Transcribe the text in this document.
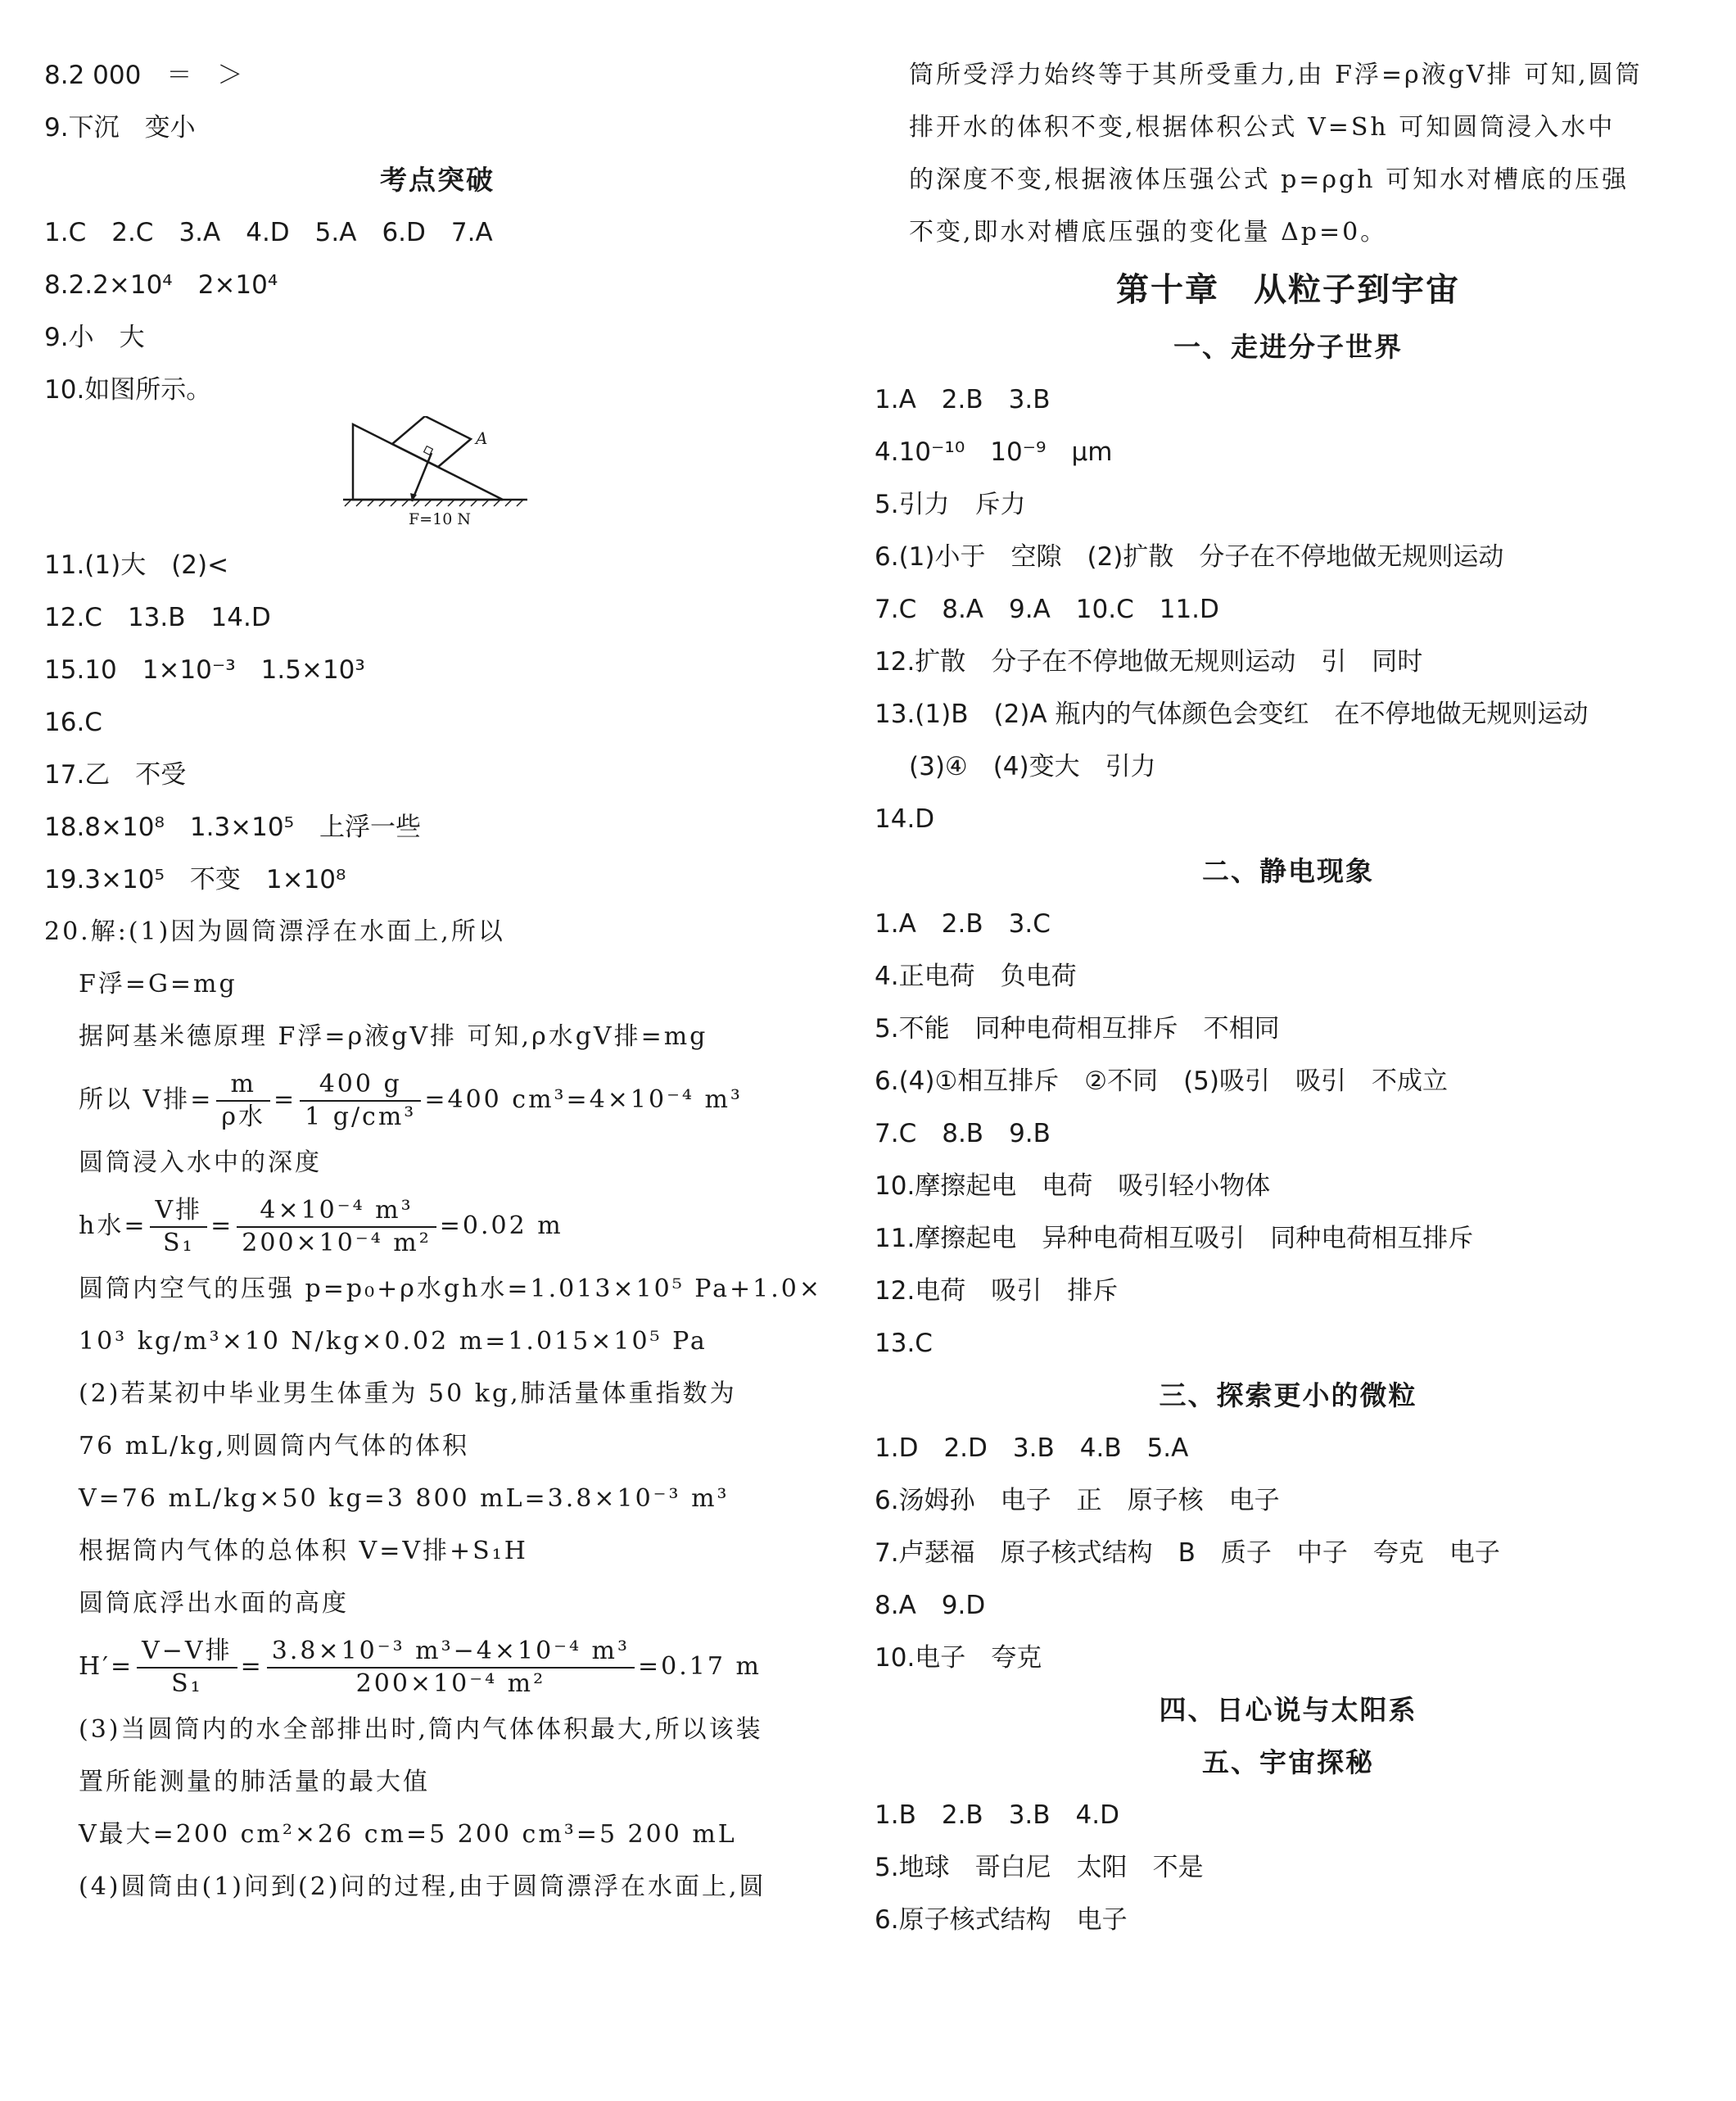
8.2 000　＝　＞
9.下沉　变小
考点突破
1.C　2.C　3.A　4.D　5.A　6.D　7.A
8.2.2×10⁴　2×10⁴
9.小　大
10.如图所示。
A
F=10 N
11.(1)大　(2)<
12.C　13.B　14.D
15.10　1×10⁻³　1.5×10³
16.C
17.乙　不受
18.8×10⁸　1.3×10⁵　上浮一些
19.3×10⁵　不变　1×10⁸
20.解:(1)因为圆筒漂浮在水面上,所以
F浮=G=mg
据阿基米德原理 F浮=ρ液gV排 可知,ρ水gV排=mg
所以 V排= $\frac{m}{\text{ρ水}} = \frac{400 g}{\text{1 g/cm³}} =400$ cm³=4×10⁻⁴ m³
圆筒浸入水中的深度
h水= $\frac{\text{V排}}{\text{S₁}} = \frac{\text{4×10⁻⁴ m³}}{\text{200×10⁻⁴ m²}} =0.02$ m
圆筒内空气的压强 p=p₀+ρ水gh水=1.013×10⁵ Pa+1.0×
10³ kg/m³×10 N/kg×0.02 m=1.015×10⁵ Pa
(2)若某初中毕业男生体重为 50 kg,肺活量体重指数为
76 mL/kg,则圆筒内气体的体积
V=76 mL/kg×50 kg=3 800 mL=3.8×10⁻³ m³
根据筒内气体的总体积 V=V排+S₁H
圆筒底浮出水面的高度
$H'= \frac{\text{V−V排}}{\text{S₁}} = \frac{\text{3.8×10⁻³ m³−4×10⁻⁴ m³}}{\text{200×10⁻⁴ m²}} =0.17$ m
(3)当圆筒内的水全部排出时,筒内气体体积最大,所以该装
置所能测量的肺活量的最大值
V最大=200 cm²×26 cm=5 200 cm³=5 200 mL
(4)圆筒由(1)问到(2)问的过程,由于圆筒漂浮在水面上,圆
筒所受浮力始终等于其所受重力,由 F浮=ρ液gV排 可知,圆筒
排开水的体积不变,根据体积公式 V=Sh 可知圆筒浸入水中
的深度不变,根据液体压强公式 p=ρgh 可知水对槽底的压强
不变,即水对槽底压强的变化量 Δp=0。
第十章　从粒子到宇宙
一、走进分子世界
1.A　2.B　3.B
4.10⁻¹⁰　10⁻⁹　μm
5.引力　斥力
6.(1)小于　空隙　(2)扩散　分子在不停地做无规则运动
7.C　8.A　9.A　10.C　11.D
12.扩散　分子在不停地做无规则运动　引　同时
13.(1)B　(2)A 瓶内的气体颜色会变红　在不停地做无规则运动
(3)④　(4)变大　引力
14.D
二、静电现象
1.A　2.B　3.C
4.正电荷　负电荷
5.不能　同种电荷相互排斥　不相同
6.(4)①相互排斥　②不同　(5)吸引　吸引　不成立
7.C　8.B　9.B
10.摩擦起电　电荷　吸引轻小物体
11.摩擦起电　异种电荷相互吸引　同种电荷相互排斥
12.电荷　吸引　排斥
13.C
三、探索更小的微粒
1.D　2.D　3.B　4.B　5.A
6.汤姆孙　电子　正　原子核　电子
7.卢瑟福　原子核式结构　B　质子　中子　夸克　电子
8.A　9.D
10.电子　夸克
四、日心说与太阳系
五、宇宙探秘
1.B　2.B　3.B　4.D
5.地球　哥白尼　太阳　不是
6.原子核式结构　电子
